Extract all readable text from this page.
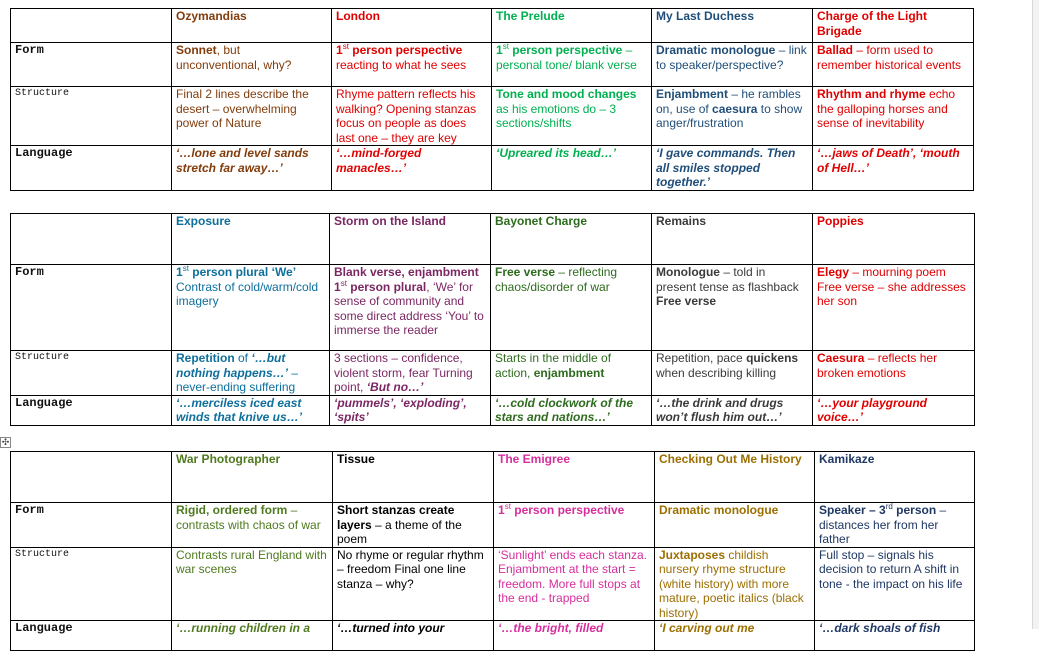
	Ozymandias	London	The Prelude	My Last Duchess	Charge of the Light Brigade
Form	Sonnet, but unconventional, why?	1st person perspective reacting to what he sees	1st person perspective – personal tone/ blank verse	Dramatic monologue – link to speaker/perspective?	Ballad – form used to remember historical events
Structure	Final 2 lines describe the desert – overwhelming power of Nature	Rhyme pattern reflects his walking? Opening stanzas focus on people as does last one – they are key	Tone and mood changes as his emotions do – 3 sections/shifts	Enjambment – he rambles on, use of caesura to show anger/frustration	Rhythm and rhyme echo the galloping horses and sense of inevitability
Language	‘…lone and level sands stretch far away…’	‘…mind-forged manacles…’	‘Upreared its head…’	‘I gave commands. Then all smiles stopped together.’	‘…jaws of Death’, ‘mouth of Hell…’
	Exposure	Storm on the Island	Bayonet Charge	Remains	Poppies
Form	1st person plural ‘We’ Contrast of cold/warm/cold imagery	Blank verse, enjambment 1st person plural, ‘We’ for sense of community and some direct address ‘You’ to immerse the reader	Free verse – reflecting chaos/disorder of war	Monologue – told in present tense as flashback Free verse	Elegy – mourning poem Free verse – she addresses her son
Structure	Repetition of ‘…but nothing happens…’ – never-ending suffering	3 sections – confidence, violent storm, fear Turning point, ‘But no…’	Starts in the middle of action, enjambment	Repetition, pace quickens when describing killing	Caesura – reflects her broken emotions
Language	‘…merciless iced east winds that knive us…’	‘pummels’, ‘exploding’, ‘spits’	‘…cold clockwork of the stars and nations…’	‘…the drink and drugs won’t flush him out…’	‘…your playground voice…’
✣
	War Photographer	Tissue	The Emigree	Checking Out Me History	Kamikaze
Form	Rigid, ordered form – contrasts with chaos of war	Short stanzas create layers – a theme of the poem	1st person perspective	Dramatic monologue	Speaker – 3rd person – distances her from her father
Structure	Contrasts rural England with war scenes	No rhyme or regular rhythm – freedom Final one line stanza – why?	‘Sunlight’ ends each stanza. Enjambment at the start = freedom. More full stops at the end - trapped	Juxtaposes childish nursery rhyme structure (white history) with more mature, poetic italics (black history)	Full stop – signals his decision to return A shift in tone - the impact on his life
Language	‘…running children in a	‘…turned into your	‘…the bright, filled	‘I carving out me	‘…dark shoals of fish
